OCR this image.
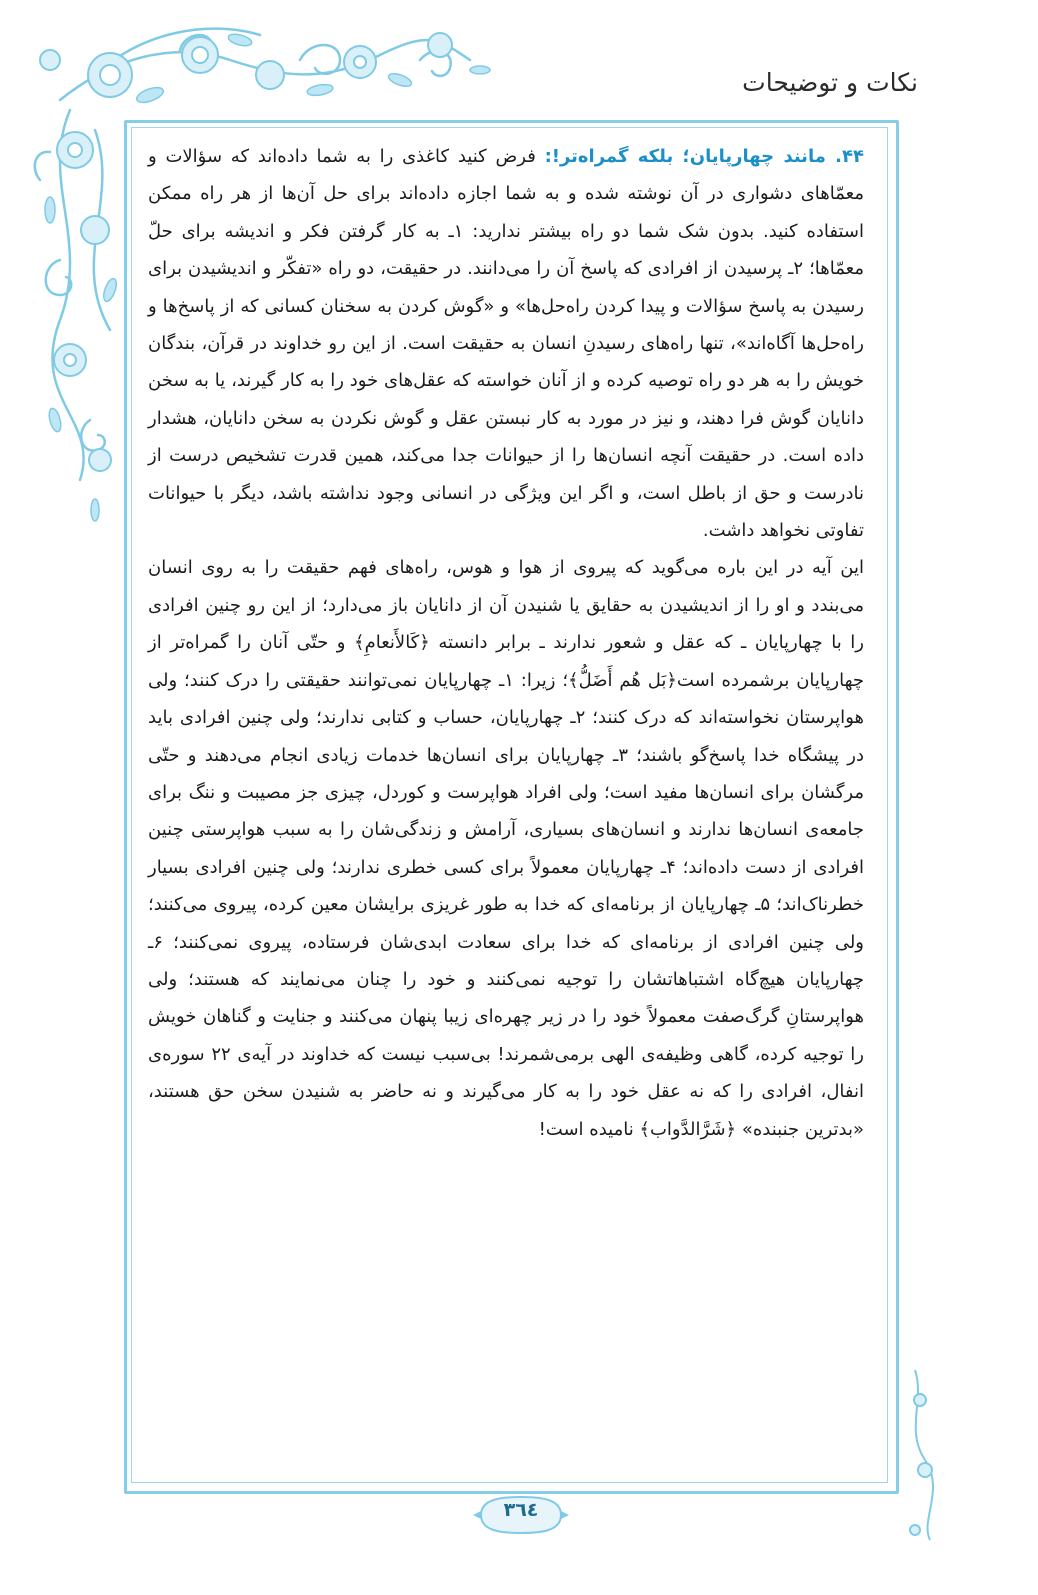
نکات و توضیحات

۴۴. مانند چهارپایان؛ بلکه گمراه‌تر!: فرض کنید کاغذی را به شما داده‌اند که سؤالات و معمّاهای دشواری در آن نوشته شده و به شما اجازه داده‌اند برای حل آن‌ها از هر راه ممکن استفاده کنید. بدون شک شما دو راه بیشتر ندارید: ۱ـ به کار گرفتن فکر و اندیشه برای حلّ معمّاها؛ ۲ـ پرسیدن از افرادی که پاسخ آن را می‌دانند. در حقیقت، دو راه «تفکّر و اندیشیدن برای رسیدن به پاسخ سؤالات و پیدا کردن راه‌حل‌ها» و «گوش کردن به سخنان کسانی که از پاسخ‌ها و راه‌حل‌ها آگاه‌اند»، تنها راه‌های رسیدنِ انسان به حقیقت است. از این رو خداوند در قرآن، بندگان خویش را به هر دو راه توصیه کرده و از آنان خواسته که عقل‌های خود را به کار گیرند، یا به سخن دانایان گوش فرا دهند، و نیز در مورد به کار نبستن عقل و گوش نکردن به سخن دانایان، هشدار داده است. در حقیقت آنچه انسان‌ها را از حیوانات جدا می‌کند، همین قدرت تشخیص درست از نادرست و حق از باطل است، و اگر این ویژگی در انسانی وجود نداشته باشد، دیگر با حیوانات تفاوتی نخواهد داشت.

این آیه در این باره می‌گوید که پیروی از هوا و هوس، راه‌های فهم حقیقت را به روی انسان می‌بندد و او را از اندیشیدن به حقایق یا شنیدن آن از دانایان باز می‌دارد؛ از این رو چنین افرادی را با چهارپایان ـ که عقل و شعور ندارند ـ برابر دانسته ﴿كَالأَنعامِ﴾ و حتّی آنان را گمراه‌تر از چهارپایان برشمرده است﴿بَل هُم أَضَلُّ﴾؛ زیرا: ۱ـ چهارپایان نمی‌توانند حقیقتی را درک کنند؛ ولی هواپرستان نخواسته‌اند که درک کنند؛ ۲ـ چهارپایان، حساب و کتابی ندارند؛ ولی چنین افرادی باید در پیشگاه خدا پاسخ‌گو باشند؛ ۳ـ چهارپایان برای انسان‌ها خدمات زیادی انجام می‌دهند و حتّی مرگشان برای انسان‌ها مفید است؛ ولی افراد هواپرست و کوردل، چیزی جز مصیبت و ننگ برای جامعه‌ی انسان‌ها ندارند و انسان‌های بسیاری، آرامش و زندگی‌شان را به سبب هواپرستی چنین افرادی از دست داده‌اند؛ ۴ـ چهارپایان معمولاً برای کسی خطری ندارند؛ ولی چنین افرادی بسیار خطرناک‌اند؛ ۵ـ چهارپایان از برنامه‌ای که خدا به طور غریزی برایشان معین کرده، پیروی می‌کنند؛ ولی چنین افرادی از برنامه‌ای که خدا برای سعادت ابدی‌شان فرستاده، پیروی نمی‌کنند؛ ۶ـ چهارپایان هیچ‌گاه اشتباهاتشان را توجیه نمی‌کنند و خود را چنان می‌نمایند که هستند؛ ولی هواپرستانِ گرگ‌صفت معمولاً خود را در زیر چهره‌ای زیبا پنهان می‌کنند و جنایت و گناهان خویش را توجیه کرده، گاهی وظیفه‌ی الهی برمی‌شمرند! بی‌سبب نیست که خداوند در آیه‌ی ۲۲ سوره‌ی انفال، افرادی را که نه عقل خود را به کار می‌گیرند و نه حاضر به شنیدن سخن حق هستند، «بدترین جنبنده» ﴿شَرَّالدَّواب﴾ نامیده است!

٣٦٤
